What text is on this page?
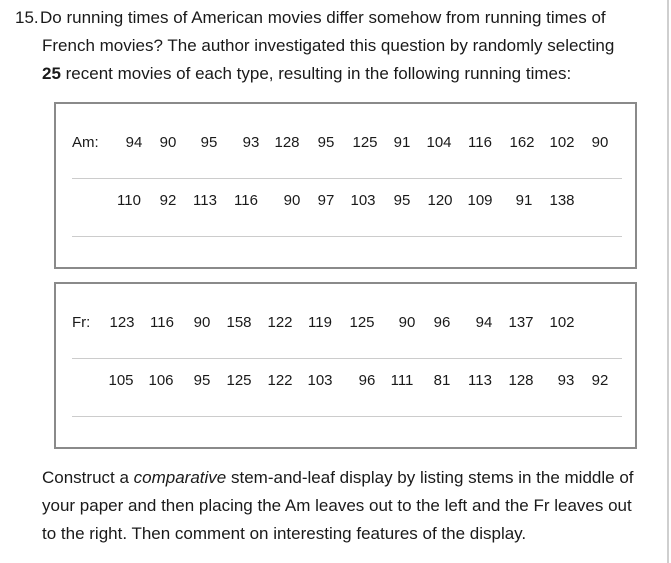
15. Do running times of American movies differ somehow from running times of
French movies? The author investigated this question by randomly selecting
25 recent movies of each type, resulting in the following running times:
Am: 94 90 95 93 128 95 125 91 104 116 162 102 90
110 92 113 116 90 97 103 95 120 109 91 138
Fr: 123 116 90 158 122 119 125 90 96 94 137 102
105 106 95 125 122 103 96 111 81 113 128 93 92
Construct a comparative stem-and-leaf display by listing stems in the middle of
your paper and then placing the Am leaves out to the left and the Fr leaves out
to the right. Then comment on interesting features of the display.
